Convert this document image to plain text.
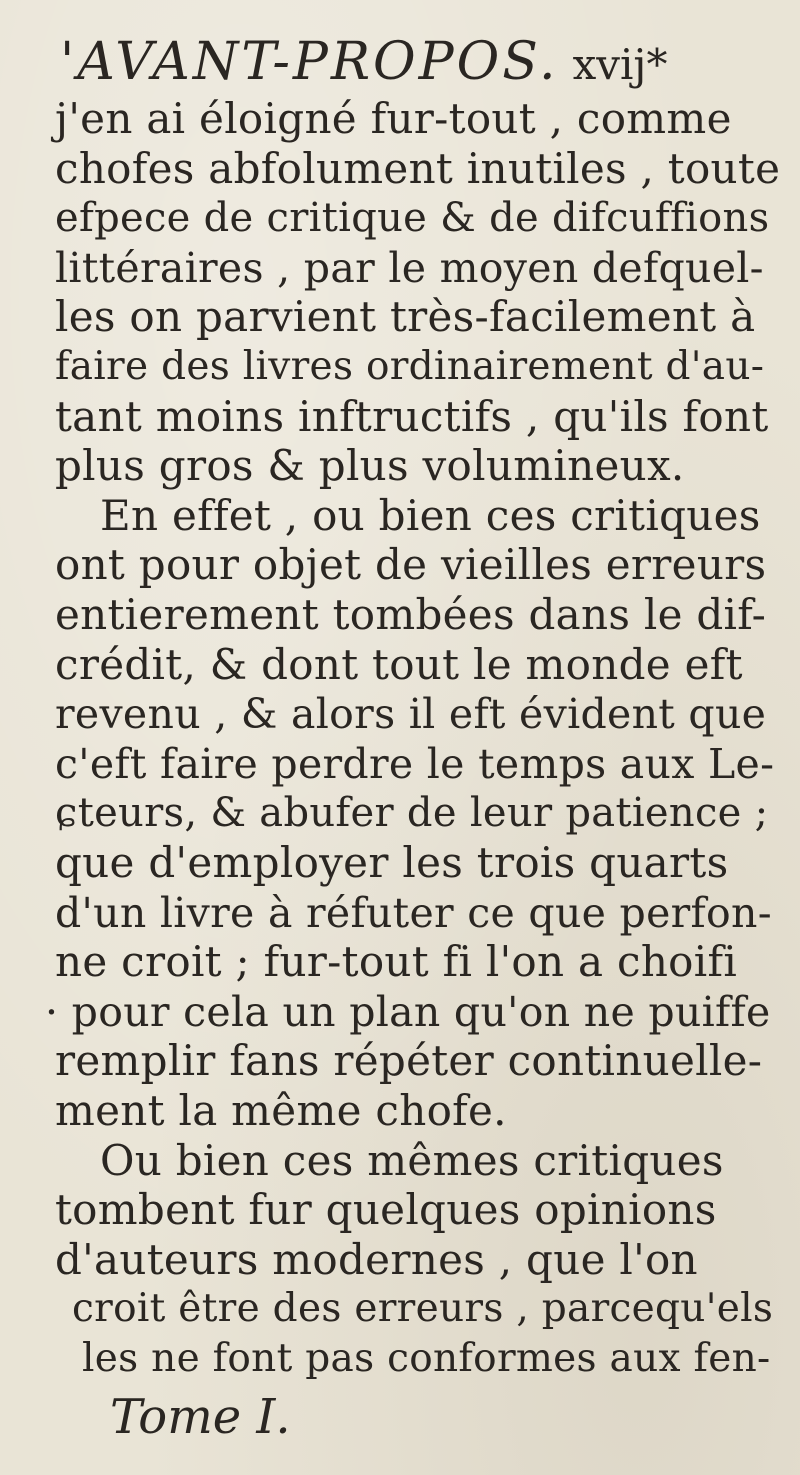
'AVANT-PROPOS. xvij*
j'en ai éloigné fur-tout , comme
chofes abfolument inutiles , toute
efpece de critique & de difcuffions
littéraires , par le moyen defquel-
les on parvient très-facilement à
faire des livres ordinairement d'au-
tant moins inftructifs , qu'ils font
plus gros & plus volumineux.
En effet , ou bien ces critiques
ont pour objet de vieilles erreurs
entierement tombées dans le dif-
crédit, & dont tout le monde eft
revenu , & alors il eft évident que
c'eft faire perdre le temps aux Le-
ɕteurs, & abufer de leur patience ;
que d'employer les trois quarts
d'un livre à réfuter ce que perfon-
ne croit ; fur-tout fi l'on a choifi
· pour cela un plan qu'on ne puiffe
remplir fans répéter continuelle-
ment la même chofe.
Ou bien ces mêmes critiques
tombent fur quelques opinions
d'auteurs modernes , que l'on
croit être des erreurs , parcequ'els
les ne font pas conformes aux fen-
Tome I.
